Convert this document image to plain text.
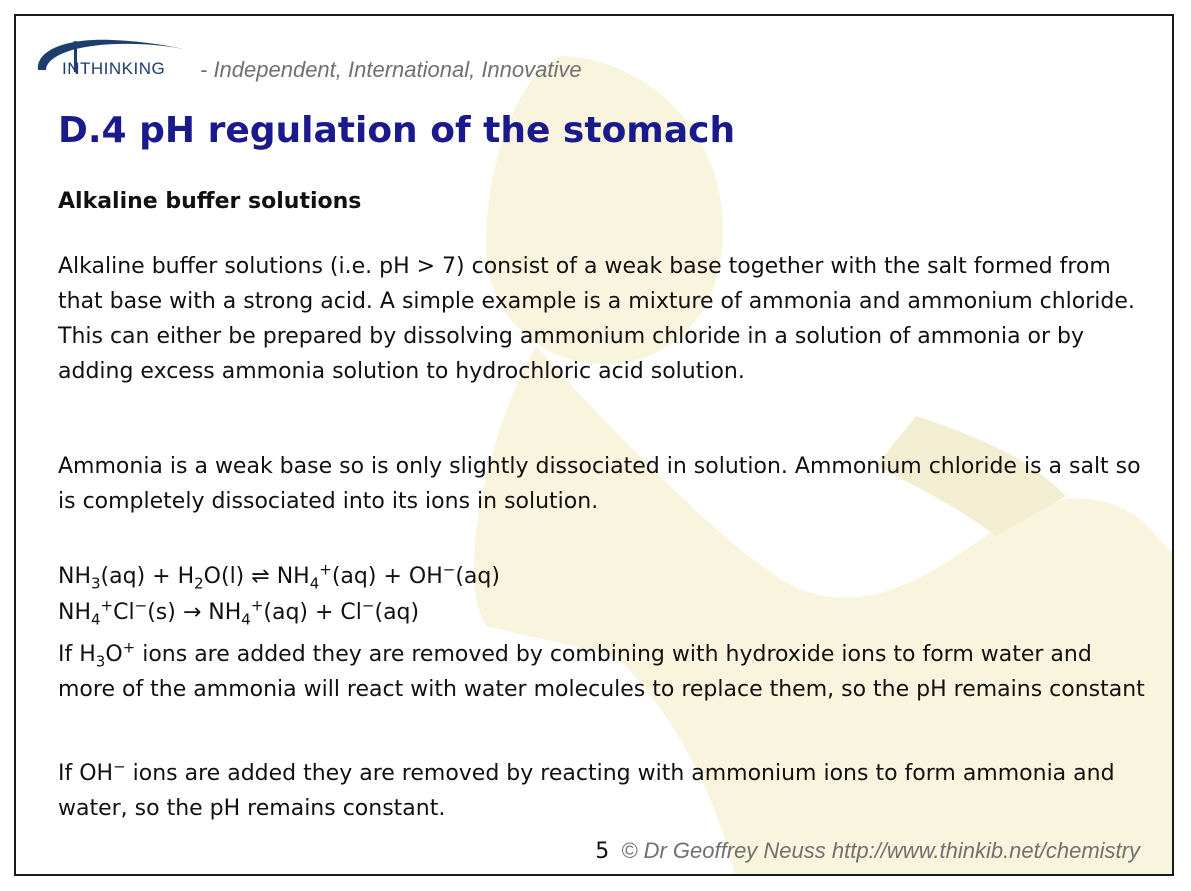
INTHINKING - Independent, International, Innovative
D.4 pH regulation of the stomach

Alkaline buffer solutions

Alkaline buffer solutions (i.e. pH > 7) consist of a weak base together with the salt formed from that base with a strong acid. A simple example is a mixture of ammonia and ammonium chloride. This can either be prepared by dissolving ammonium chloride in a solution of ammonia or by adding excess ammonia solution to hydrochloric acid solution.

Ammonia is a weak base so is only slightly dissociated in solution. Ammonium chloride is a salt so is completely dissociated into its ions in solution.

$NH_3(aq) + H_2O(l)$ ⇌ $NH_4^+(aq) + OH^-(aq)$

$NH_4^+Cl^-(s) \to NH_4^+(aq) + Cl^-(aq)$

If $H_3O^+$ ions are added they are removed by combining with hydroxide ions to form water and more of the ammonia will react with water molecules to replace them, so the pH remains constant

If OH− ions are added they are removed by reacting with ammonium ions to form ammonia and water, so the pH remains constant.

5 © Dr Geoffrey Neuss http://www.thinkib.net/chemistry
